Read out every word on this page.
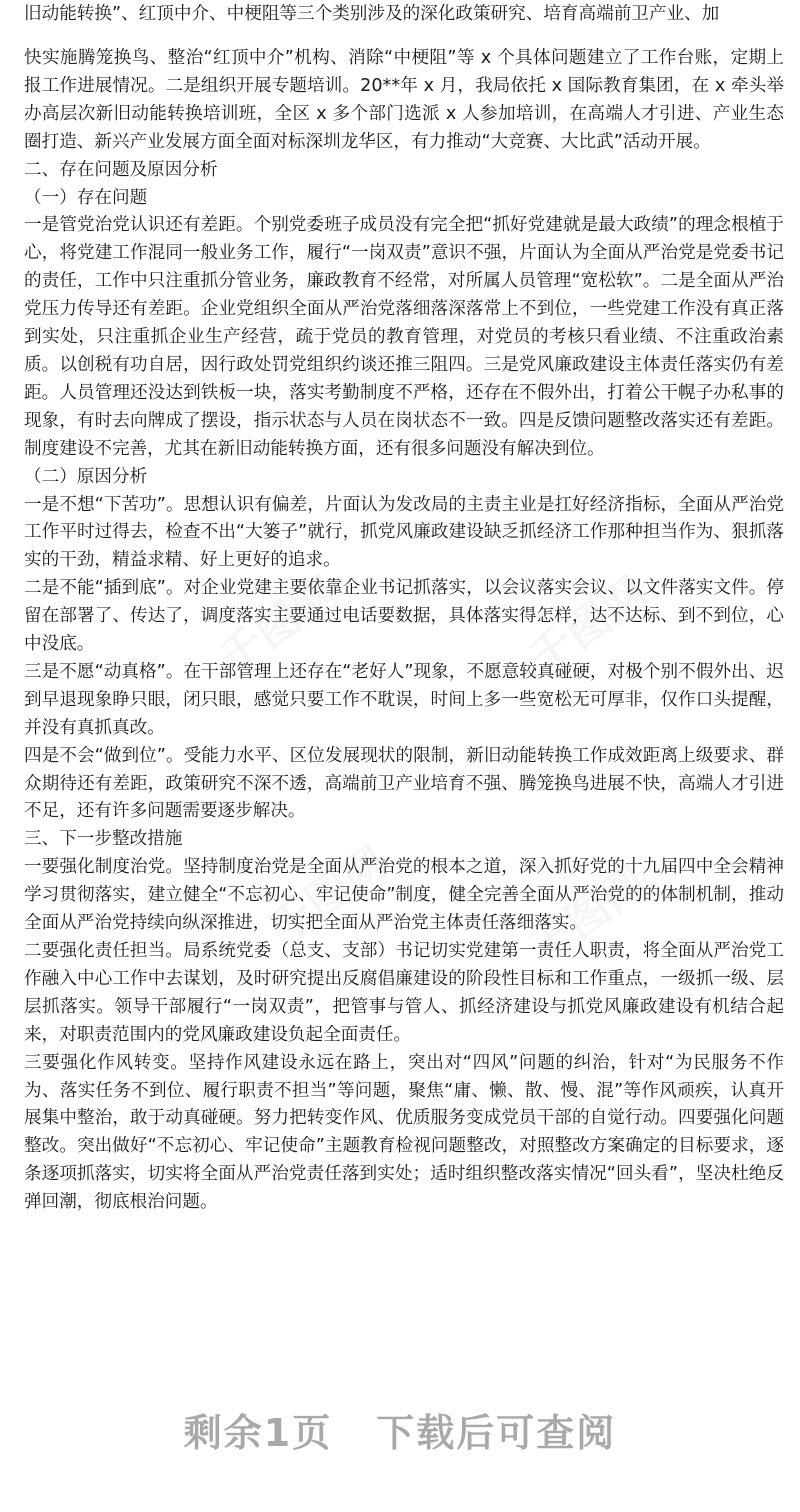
旧动能转换”、红顶中介、中梗阻等三个类别涉及的深化政策研究、培育高端前卫产业、加

快实施腾笼换鸟、整治“红顶中介”机构、消除“中梗阻”等 x 个具体问题建立了工作台账，定期上报工作进展情况。二是组织开展专题培训。20**年 x 月，我局依托 x 国际教育集团，在 x 牵头举办高层次新旧动能转换培训班，全区 x 多个部门选派 x 人参加培训，在高端人才引进、产业生态圈打造、新兴产业发展方面全面对标深圳龙华区，有力推动“大竞赛、大比武”活动开展。

二、存在问题及原因分析

（一）存在问题

一是管党治党认识还有差距。个别党委班子成员没有完全把“抓好党建就是最大政绩”的理念根植于心，将党建工作混同一般业务工作，履行“一岗双责”意识不强，片面认为全面从严治党是党委书记的责任，工作中只注重抓分管业务，廉政教育不经常，对所属人员管理“宽松软”。二是全面从严治党压力传导还有差距。企业党组织全面从严治党落细落深落常上不到位，一些党建工作没有真正落到实处，只注重抓企业生产经营，疏于党员的教育管理，对党员的考核只看业绩、不注重政治素质。以创税有功自居，因行政处罚党组织约谈还推三阻四。三是党风廉政建设主体责任落实仍有差距。人员管理还没达到铁板一块，落实考勤制度不严格，还存在不假外出，打着公干幌子办私事的现象，有时去向牌成了摆设，指示状态与人员在岗状态不一致。四是反馈问题整改落实还有差距。制度建设不完善，尤其在新旧动能转换方面，还有很多问题没有解决到位。

（二）原因分析

一是不想“下苦功”。思想认识有偏差，片面认为发改局的主责主业是扛好经济指标，全面从严治党工作平时过得去，检查不出“大篓子”就行，抓党风廉政建设缺乏抓经济工作那种担当作为、狠抓落实的干劲，精益求精、好上更好的追求。

二是不能“插到底”。对企业党建主要依靠企业书记抓落实，以会议落实会议、以文件落实文件。停留在部署了、传达了，调度落实主要通过电话要数据，具体落实得怎样，达不达标、到不到位，心中没底。

三是不愿“动真格”。在干部管理上还存在“老好人”现象，不愿意较真碰硬，对极个别不假外出、迟到早退现象睁只眼，闭只眼，感觉只要工作不耽误，时间上多一些宽松无可厚非，仅作口头提醒，并没有真抓真改。

四是不会“做到位”。受能力水平、区位发展现状的限制，新旧动能转换工作成效距离上级要求、群众期待还有差距，政策研究不深不透，高端前卫产业培育不强、腾笼换鸟进展不快，高端人才引进不足，还有许多问题需要逐步解决。

三、下一步整改措施

一要强化制度治党。坚持制度治党是全面从严治党的根本之道，深入抓好党的十九届四中全会精神学习贯彻落实，建立健全“不忘初心、牢记使命”制度，健全完善全面从严治党的的体制机制，推动全面从严治党持续向纵深推进，切实把全面从严治党主体责任落细落实。

二要强化责任担当。局系统党委（总支、支部）书记切实党建第一责任人职责，将全面从严治党工作融入中心工作中去谋划，及时研究提出反腐倡廉建设的阶段性目标和工作重点，一级抓一级、层层抓落实。领导干部履行“一岗双责”，把管事与管人、抓经济建设与抓党风廉政建设有机结合起来，对职责范围内的党风廉政建设负起全面责任。

三要强化作风转变。坚持作风建设永远在路上，突出对“四风”问题的纠治，针对“为民服务不作为、落实任务不到位、履行职责不担当”等问题，聚焦“庸、懒、散、慢、混”等作风顽疾，认真开展集中整治，敢于动真碰硬。努力把转变作风、优质服务变成党员干部的自觉行动。四要强化问题整改。突出做好“不忘初心、牢记使命”主题教育检视问题整改，对照整改方案确定的目标要求，逐条逐项抓落实，切实将全面从严治党责任落到实处；适时组织整改落实情况“回头看”，坚决杜绝反弹回潮，彻底根治问题。

剩余1页 下载后可查阅
